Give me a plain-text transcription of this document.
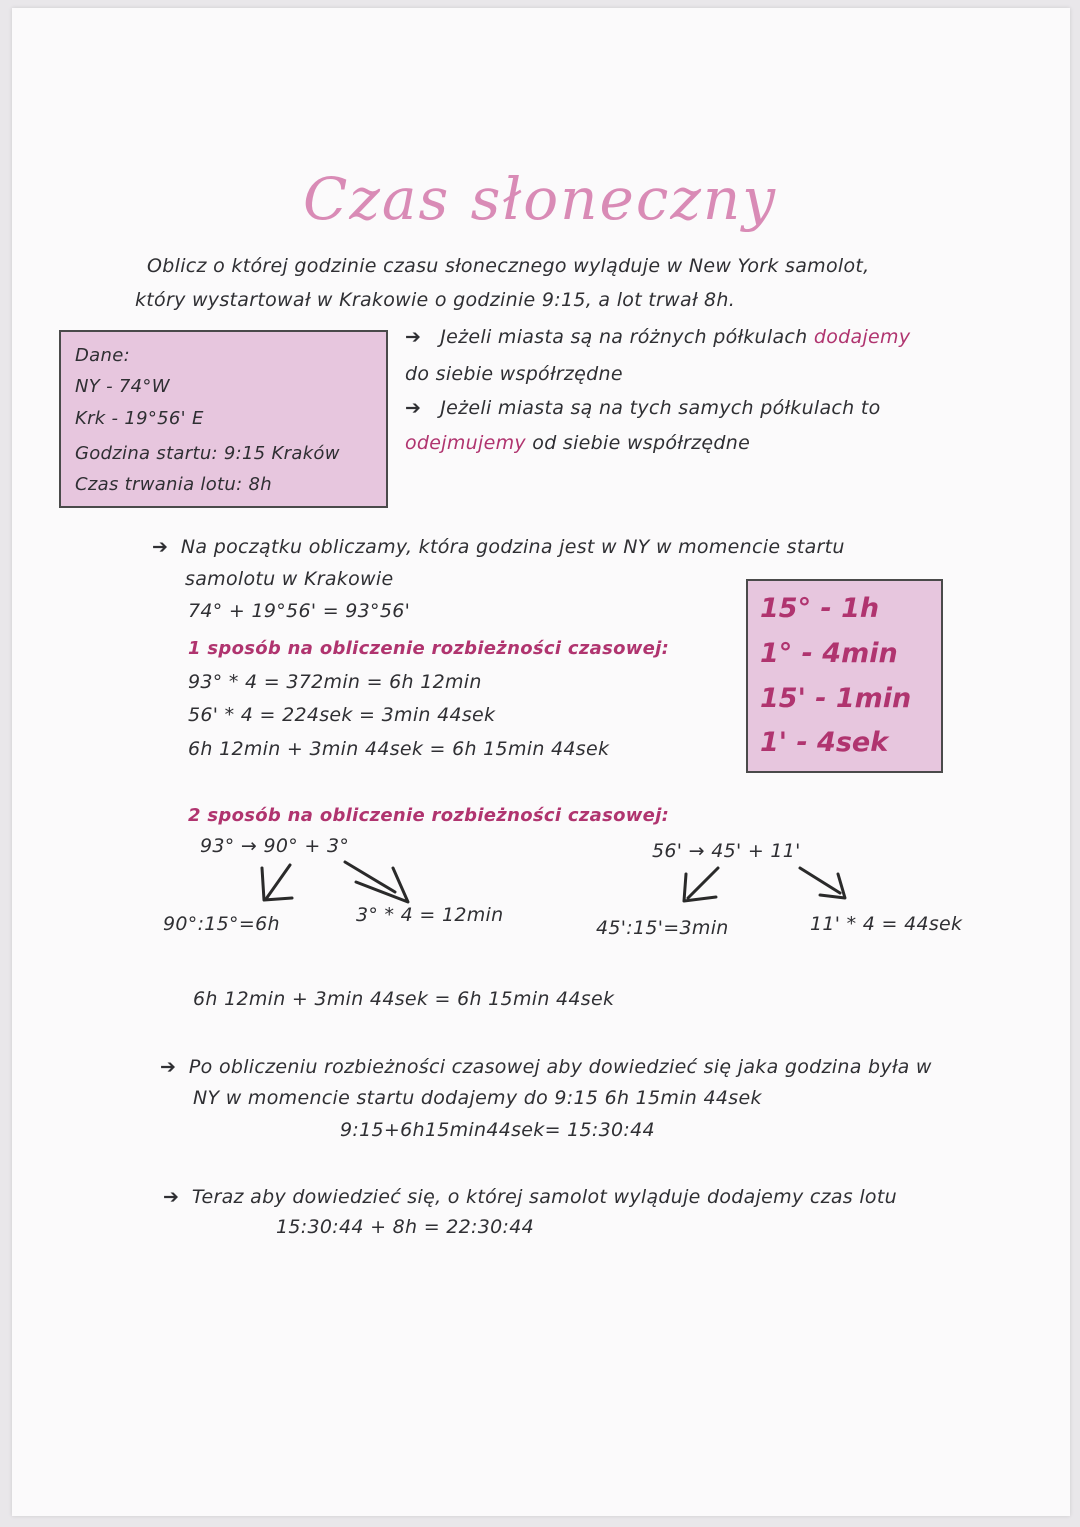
Czas słoneczny
Oblicz o której godzinie czasu słonecznego wyląduje w New York samolot,
który wystartował w Krakowie o godzinie 9:15, a lot trwał 8h.
Dane:
NY - 74°W
Krk - 19°56' E
Godzina startu: 9:15 Kraków
Czas trwania lotu: 8h
➔ Jeżeli miasta są na różnych półkulach dodajemy
do siebie współrzędne
➔ Jeżeli miasta są na tych samych półkulach to
odejmujemy od siebie współrzędne
➔ Na początku obliczamy, która godzina jest w NY w momencie startu
samolotu w Krakowie
74° + 19°56' = 93°56'
1 sposób na obliczenie rozbieżności czasowej:
93° * 4 = 372min = 6h 12min
56' * 4 = 224sek = 3min 44sek
6h 12min + 3min 44sek = 6h 15min 44sek
15° - 1h
1° - 4min
15' - 1min
1' - 4sek
2 sposób na obliczenie rozbieżności czasowej:
93° → 90° + 3°	56' → 45' + 11'
90°:15°=6h	3° * 4 = 12min
45':15'=3min	11' * 4 = 44sek
6h 12min + 3min 44sek = 6h 15min 44sek
➔ Po obliczeniu rozbieżności czasowej aby dowiedzieć się jaka godzina była w
NY w momencie startu dodajemy do 9:15 6h 15min 44sek
9:15+6h15min44sek= 15:30:44
➔ Teraz aby dowiedzieć się, o której samolot wyląduje dodajemy czas lotu
15:30:44 + 8h = 22:30:44
